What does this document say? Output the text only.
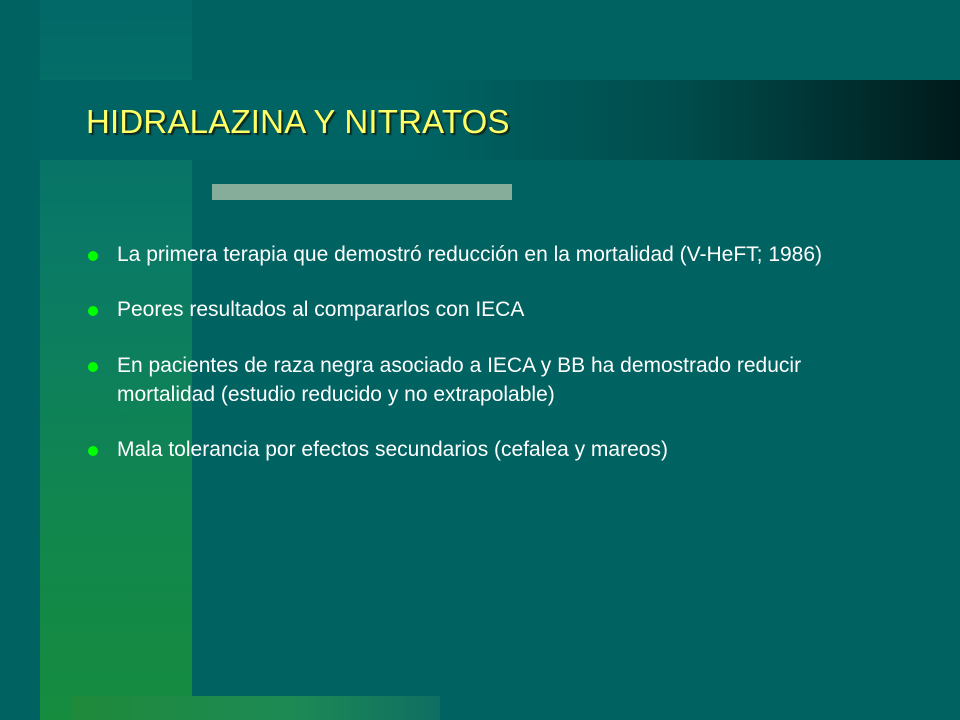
HIDRALAZINA Y NITRATOS
La primera terapia que demostró reducción en la mortalidad (V-HeFT; 1986)
Peores resultados al compararlos con IECA
En pacientes de raza negra asociado a IECA y BB ha demostrado reducir mortalidad (estudio reducido y no extrapolable)
Mala tolerancia por efectos secundarios (cefalea y mareos)
